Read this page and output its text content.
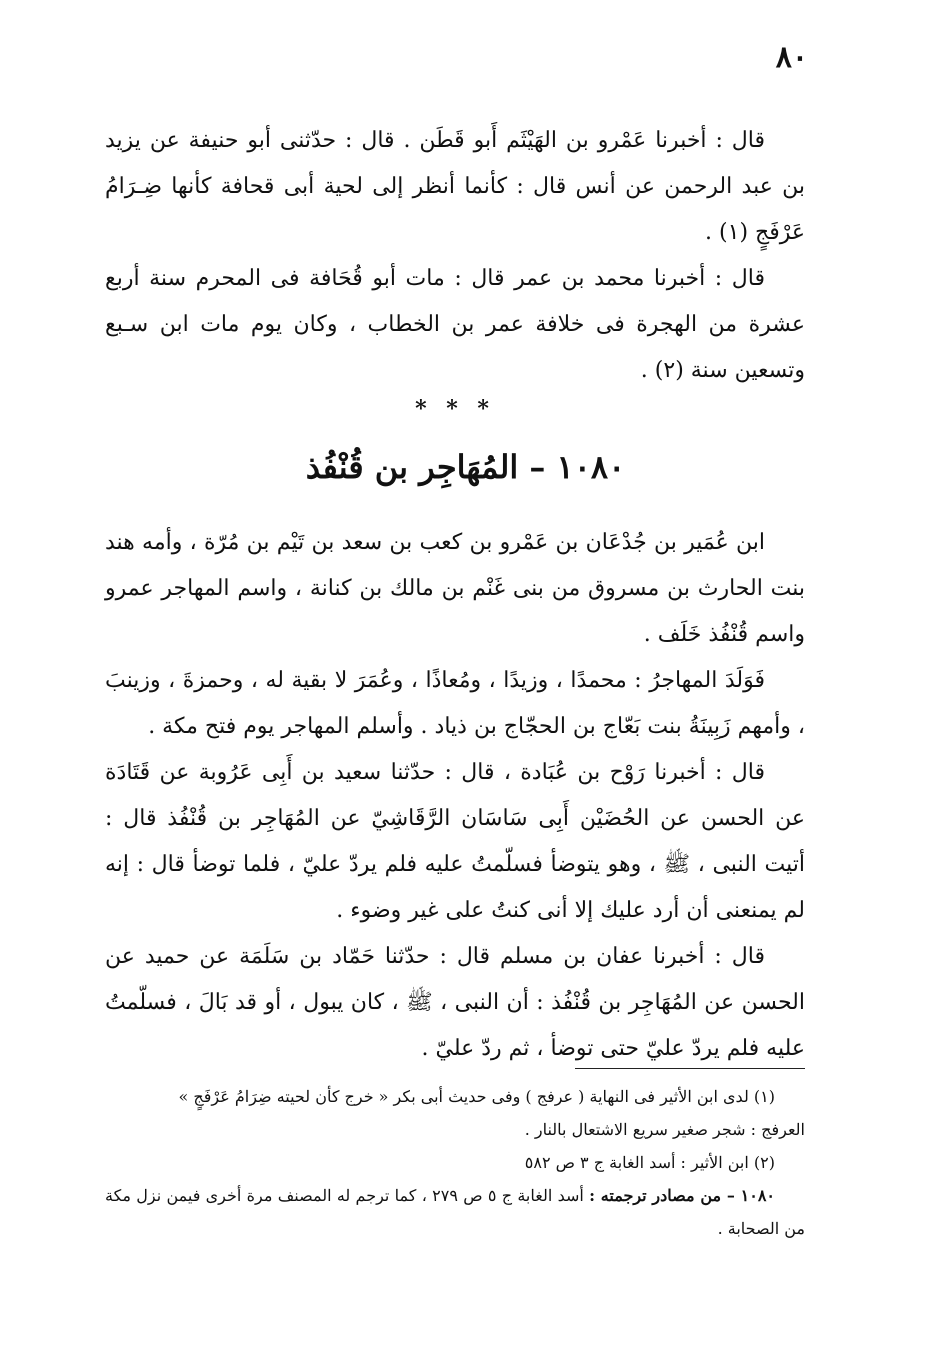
٨٠

قال : أخبرنا عَمْرو بن الهَيْثَم أَبو قَطَن . قال : حدّثنى أبو حنيفة عن يزيد بن عبد الرحمن عن أنس قال : كأنما أنظر إلى لحية أبى قحافة كأنها ضِـرَامُ عَرْفَجٍ (١) .

قال : أخبرنا محمد بن عمر قال : مات أبو قُحَافة فى المحرم سنة أربع عشرة من الهجرة فى خلافة عمر بن الخطاب ، وكان يوم مات ابن سـبع وتسعين سنة (٢) .

* * *
١٠٨٠ – المُهَاجِر بن قُنْفُذ

ابن عُمَير بن جُدْعَان بن عَمْرو بن كعب بن سعد بن تَيْم بن مُرّة ، وأمه هند بنت الحارث بن مسروق من بنى غَنْم بن مالك بن كنانة ، واسم المهاجر عمرو واسم قُنْفُذ خَلَف .

فَوَلَدَ المهاجرُ : محمدًا ، وزيدًا ، ومُعاذًا ، وعُمَرَ لا بقية له ، وحمزةَ ، وزينبَ ، وأمهم زَبِينَةُ بنت بَعّاج بن الحجّاج بن ذياد . وأسلم المهاجر يوم فتح مكة .

قال : أخبرنا رَوْح بن عُبَادة ، قال : حدّثنا سعيد بن أَبِى عَرُوبة عن قَتَادَة عن الحسن عن الحُضَيْن أَبِى سَاسَان الرَّقَاشِيّ عن المُهَاجِر بن قُنْفُذ قال : أتيت النبى ، ﷺ ، وهو يتوضأ فسلّمتُ عليه فلم يردّ عليّ ، فلما توضأ قال : إنه لم يمنعنى أن أرد عليك إلا أنى كنتُ على غير وضوء .

قال : أخبرنا عفان بن مسلم قال : حدّثنا حَمّاد بن سَلَمَة عن حميد عن الحسن عن المُهَاجِر بن قُنْفُذ : أن النبى ، ﷺ ، كان يبول ، أو قد بَالَ ، فسلّمتُ عليه فلم يردّ عليّ حتى توضأ ، ثم ردّ عليّ .

(١) لدى ابن الأثير فى النهاية ( عرفج ) وفى حديث أبى بكر « خرج كأن لحيته ضِرَامُ عَرْفَجٍ »

العرفج : شجر صغير سريع الاشتعال بالنار .

(٢) ابن الأثير : أسد الغابة ج ٣ ص ٥٨٢

١٠٨٠ – من مصادر ترجمته : أسد الغابة ج ٥ ص ٢٧٩ ، كما ترجم له المصنف مرة أخرى فيمن نزل مكة من الصحابة .
